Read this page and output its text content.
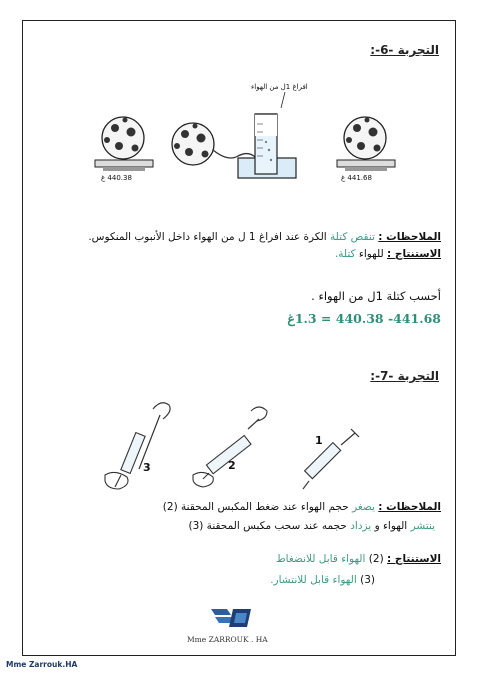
التجربة -6-:
افراغ 1ل من الهواء
440.38 غ	441.68 غ
الملاحظات : تنقص كتلة الكرة عند افراغ 1 ل من الهواء داخل الأنبوب المنكوس.
الاستنتاج : للهواء كتلة.
أحسب كتلة 1ل من الهواء .
441.68- 440.38 = 1.3غ
التجربة -7-:
3	2
1
الملاحظات : يصغر حجم الهواء عند ضغط المكبس المحقنة (2)
ينتشر الهواء و يزداد حجمه عند سحب مكبس المحقنة (3)
الاستنتاج : (2) الهواء قابل للانضغاط
(3) الهواء قابل للانتشار.
Mme ZARROUK . HA
Mme Zarrouk.HA
